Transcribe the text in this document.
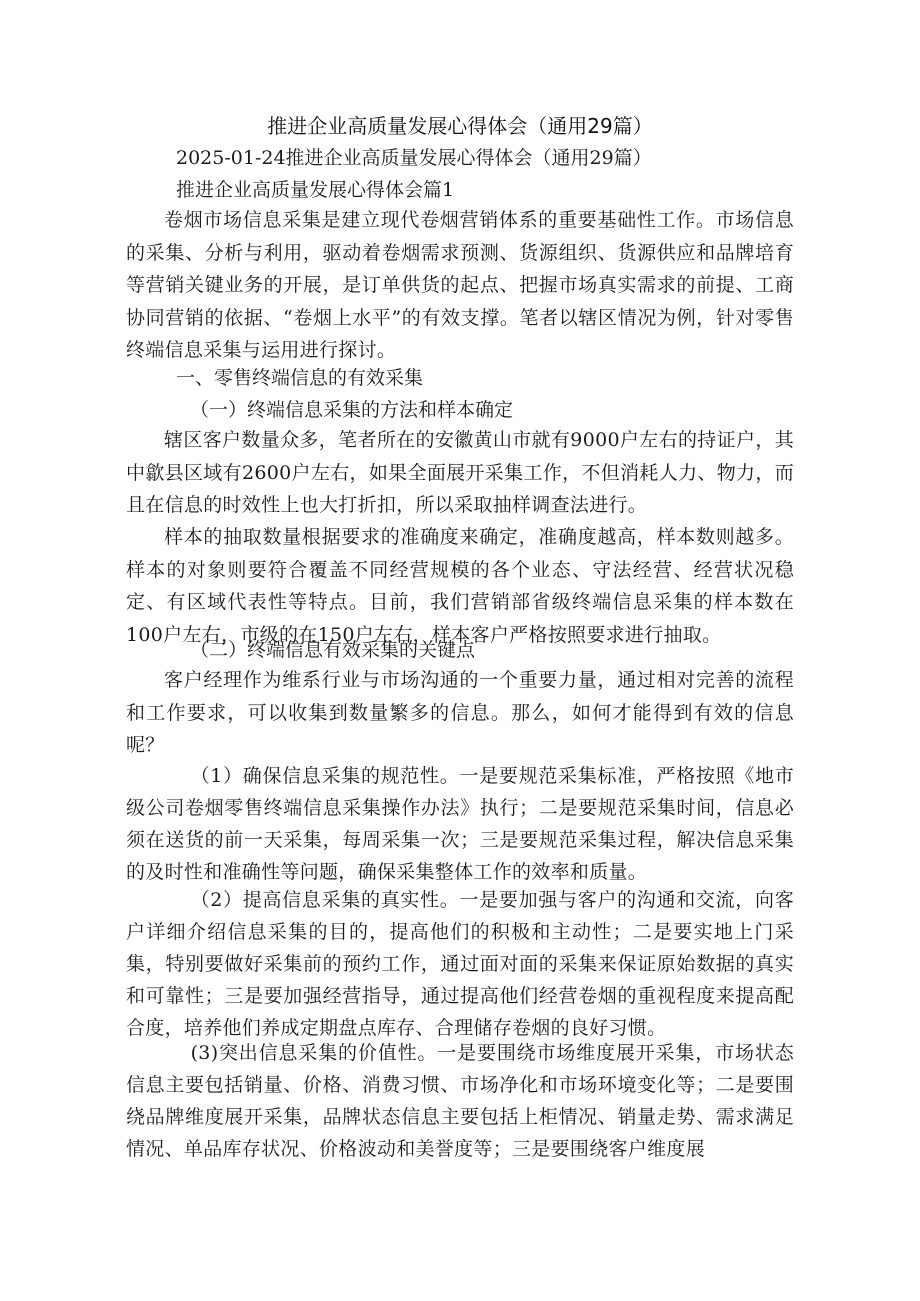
推进企业高质量发展心得体会（通用29篇）
2025-01-24推进企业高质量发展心得体会（通用29篇）
推进企业高质量发展心得体会篇1

卷烟市场信息采集是建立现代卷烟营销体系的重要基础性工作。市场信息的采集、分析与利用，驱动着卷烟需求预测、货源组织、货源供应和品牌培育等营销关键业务的开展，是订单供货的起点、把握市场真实需求的前提、工商协同营销的依据、“卷烟上水平”的有效支撑。笔者以辖区情况为例，针对零售终端信息采集与运用进行探讨。

一、零售终端信息的有效采集
（一）终端信息采集的方法和样本确定

辖区客户数量众多，笔者所在的安徽黄山市就有9000户左右的持证户，其中歙县区域有2600户左右，如果全面展开采集工作，不但消耗人力、物力，而且在信息的时效性上也大打折扣，所以采取抽样调查法进行。

样本的抽取数量根据要求的准确度来确定，准确度越高，样本数则越多。样本的对象则要符合覆盖不同经营规模的各个业态、守法经营、经营状况稳定、有区域代表性等特点。目前，我们营销部省级终端信息采集的样本数在100户左右，市级的在150户左右，样本客户严格按照要求进行抽取。

（二）终端信息有效采集的关键点

客户经理作为维系行业与市场沟通的一个重要力量，通过相对完善的流程和工作要求，可以收集到数量繁多的信息。那么，如何才能得到有效的信息呢？

（1）确保信息采集的规范性。一是要规范采集标准，严格按照《地市级公司卷烟零售终端信息采集操作办法》执行；二是要规范采集时间，信息必须在送货的前一天采集，每周采集一次；三是要规范采集过程，解决信息采集的及时性和准确性等问题，确保采集整体工作的效率和质量。

（2）提高信息采集的真实性。一是要加强与客户的沟通和交流，向客户详细介绍信息采集的目的，提高他们的积极和主动性；二是要实地上门采集，特别要做好采集前的预约工作，通过面对面的采集来保证原始数据的真实和可靠性；三是要加强经营指导，通过提高他们经营卷烟的重视程度来提高配合度，培养他们养成定期盘点库存、合理储存卷烟的良好习惯。

(3)突出信息采集的价值性。一是要围绕市场维度展开采集，市场状态信息主要包括销量、价格、消费习惯、市场净化和市场环境变化等；二是要围绕品牌维度展开采集，品牌状态信息主要包括上柜情况、销量走势、需求满足情况、单品库存状况、价格波动和美誉度等；三是要围绕客户维度展
